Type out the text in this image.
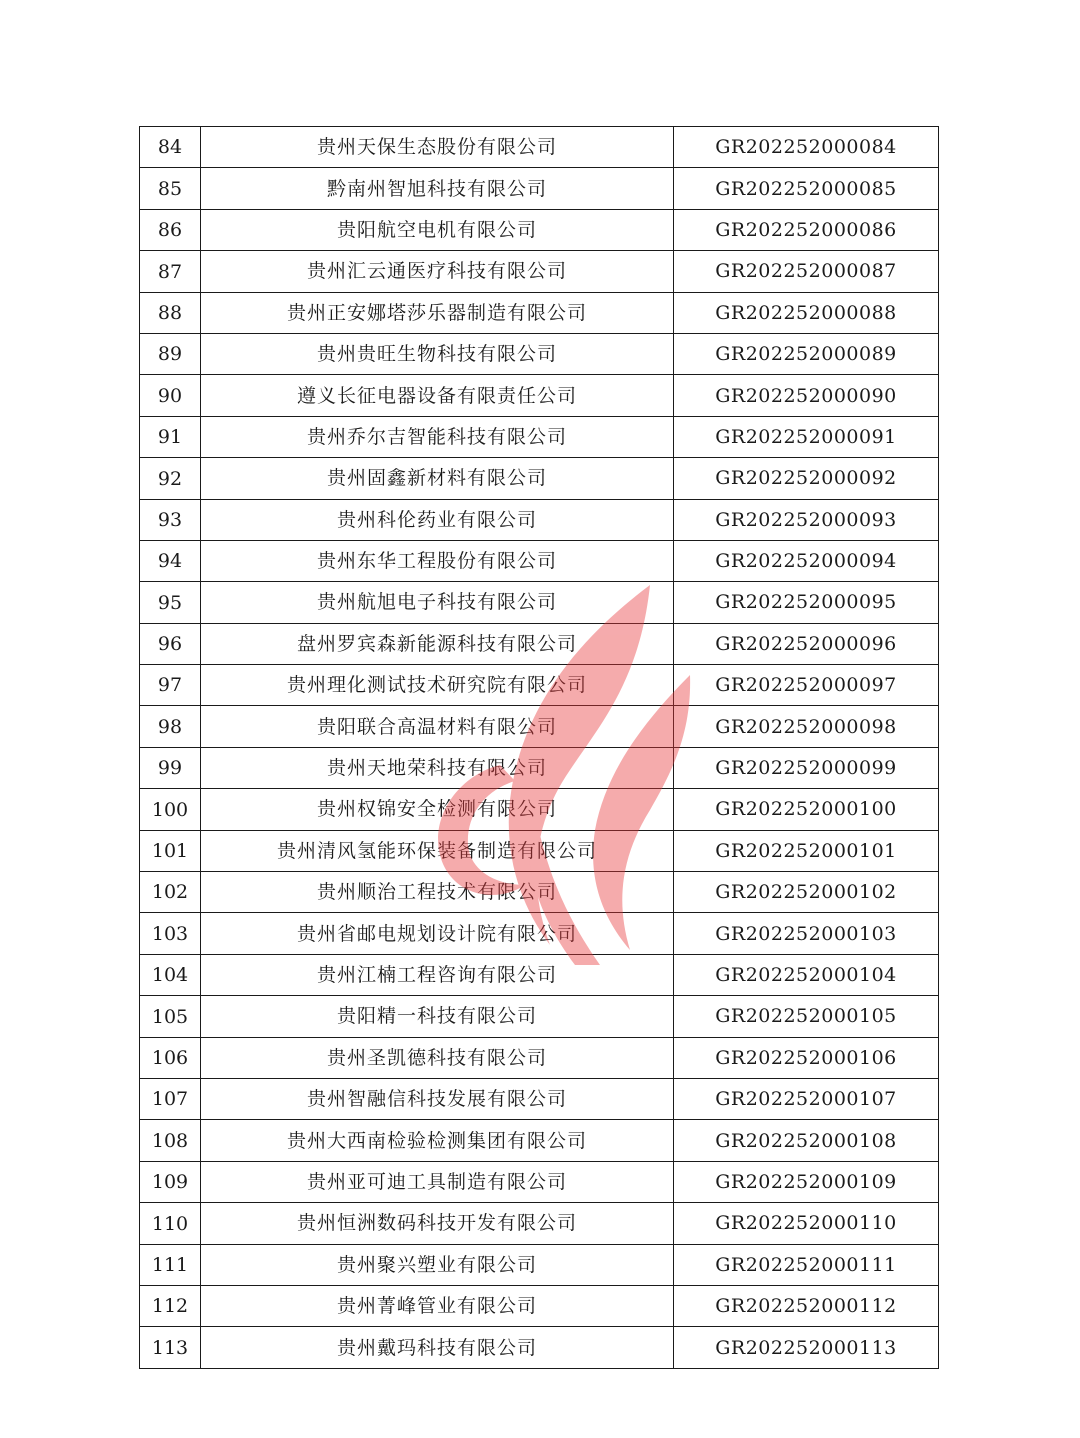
84	贵州天保生态股份有限公司	GR202252000084
85	黔南州智旭科技有限公司	GR202252000085
86	贵阳航空电机有限公司	GR202252000086
87	贵州汇云通医疗科技有限公司	GR202252000087
88	贵州正安娜塔莎乐器制造有限公司	GR202252000088
89	贵州贵旺生物科技有限公司	GR202252000089
90	遵义长征电器设备有限责任公司	GR202252000090
91	贵州乔尔吉智能科技有限公司	GR202252000091
92	贵州固鑫新材料有限公司	GR202252000092
93	贵州科伦药业有限公司	GR202252000093
94	贵州东华工程股份有限公司	GR202252000094
95	贵州航旭电子科技有限公司	GR202252000095
96	盘州罗宾森新能源科技有限公司	GR202252000096
97	贵州理化测试技术研究院有限公司	GR202252000097
98	贵阳联合高温材料有限公司	GR202252000098
99	贵州天地荣科技有限公司	GR202252000099
100	贵州权锦安全检测有限公司	GR202252000100
101	贵州清风氢能环保装备制造有限公司	GR202252000101
102	贵州顺治工程技术有限公司	GR202252000102
103	贵州省邮电规划设计院有限公司	GR202252000103
104	贵州江楠工程咨询有限公司	GR202252000104
105	贵阳精一科技有限公司	GR202252000105
106	贵州圣凯德科技有限公司	GR202252000106
107	贵州智融信科技发展有限公司	GR202252000107
108	贵州大西南检验检测集团有限公司	GR202252000108
109	贵州亚可迪工具制造有限公司	GR202252000109
110	贵州恒洲数码科技开发有限公司	GR202252000110
111	贵州聚兴塑业有限公司	GR202252000111
112	贵州菁峰管业有限公司	GR202252000112
113	贵州戴玛科技有限公司	GR202252000113
